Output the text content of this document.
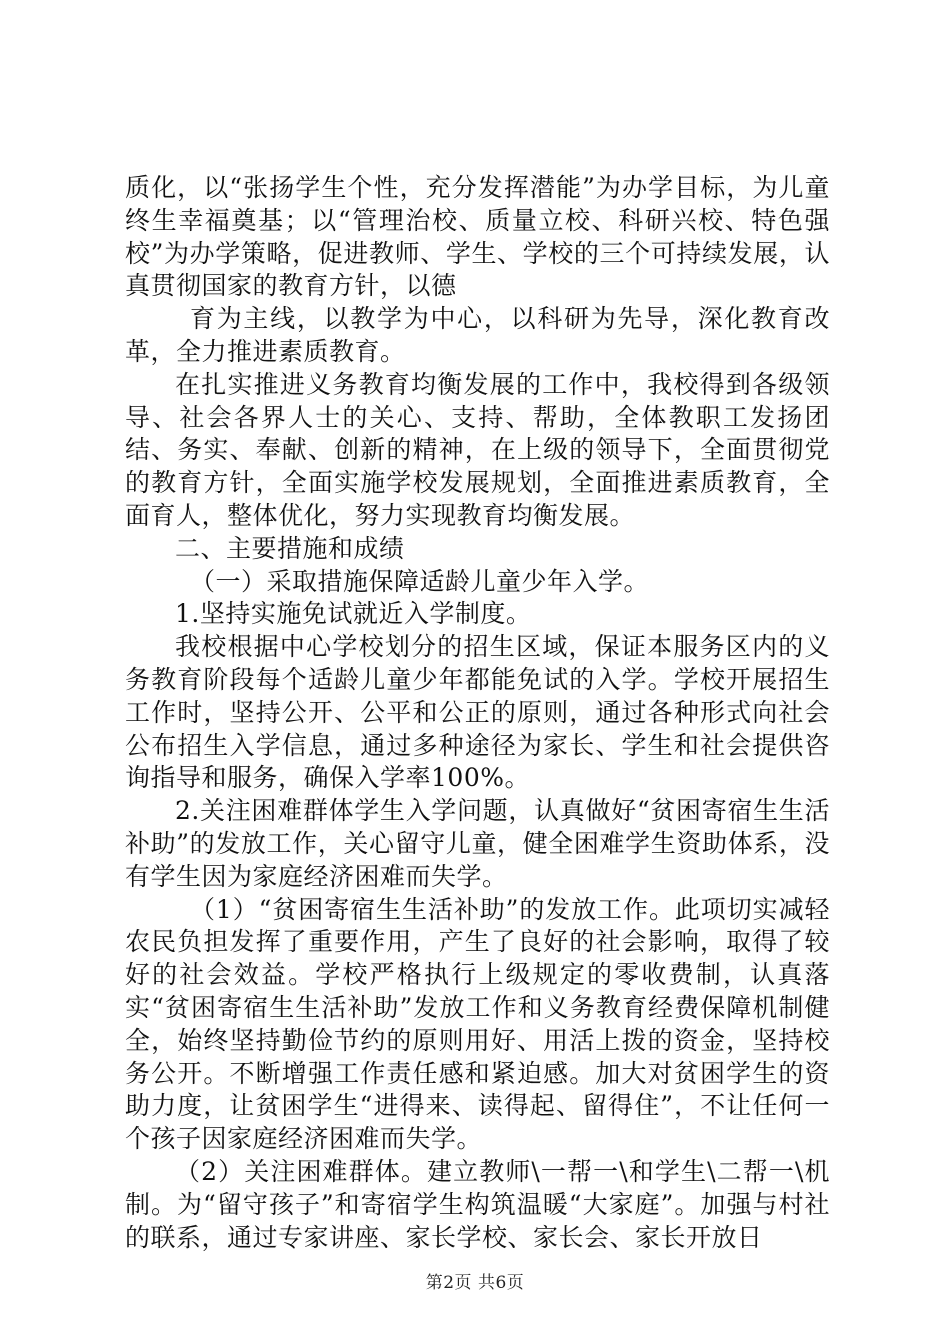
质化，以“张扬学生个性，充分发挥潜能”为办学目标，为儿童终生幸福奠基；以“管理治校、质量立校、科研兴校、特色强校”为办学策略，促进教师、学生、学校的三个可持续发展，认真贯彻国家的教育方针，以德

育为主线，以教学为中心，以科研为先导，深化教育改革，全力推进素质教育。

在扎实推进义务教育均衡发展的工作中，我校得到各级领导、社会各界人士的关心、支持、帮助，全体教职工发扬团结、务实、奉献、创新的精神，在上级的领导下，全面贯彻党的教育方针，全面实施学校发展规划，全面推进素质教育，全面育人，整体优化，努力实现教育均衡发展。

二、主要措施和成绩

（一）采取措施保障适龄儿童少年入学。

1.坚持实施免试就近入学制度。

我校根据中心学校划分的招生区域，保证本服务区内的义务教育阶段每个适龄儿童少年都能免试的入学。学校开展招生工作时，坚持公开、公平和公正的原则，通过各种形式向社会公布招生入学信息，通过多种途径为家长、学生和社会提供咨询指导和服务，确保入学率100%。

2.关注困难群体学生入学问题，认真做好“贫困寄宿生生活补助”的发放工作，关心留守儿童，健全困难学生资助体系，没有学生因为家庭经济困难而失学。

（1）“贫困寄宿生生活补助”的发放工作。此项切实减轻农民负担发挥了重要作用，产生了良好的社会影响，取得了较好的社会效益。学校严格执行上级规定的零收费制，认真落实“贫困寄宿生生活补助”发放工作和义务教育经费保障机制健全，始终坚持勤俭节约的原则用好、用活上拨的资金，坚持校务公开。不断增强工作责任感和紧迫感。加大对贫困学生的资助力度，让贫困学生“进得来、读得起、留得住”，不让任何一个孩子因家庭经济困难而失学。

（2）关注困难群体。建立教师\一帮一\和学生\二帮一\机制。为“留守孩子”和寄宿学生构筑温暖“大家庭”。加强与村社的联系，通过专家讲座、家长学校、家长会、家长开放日

第2页 共6页
